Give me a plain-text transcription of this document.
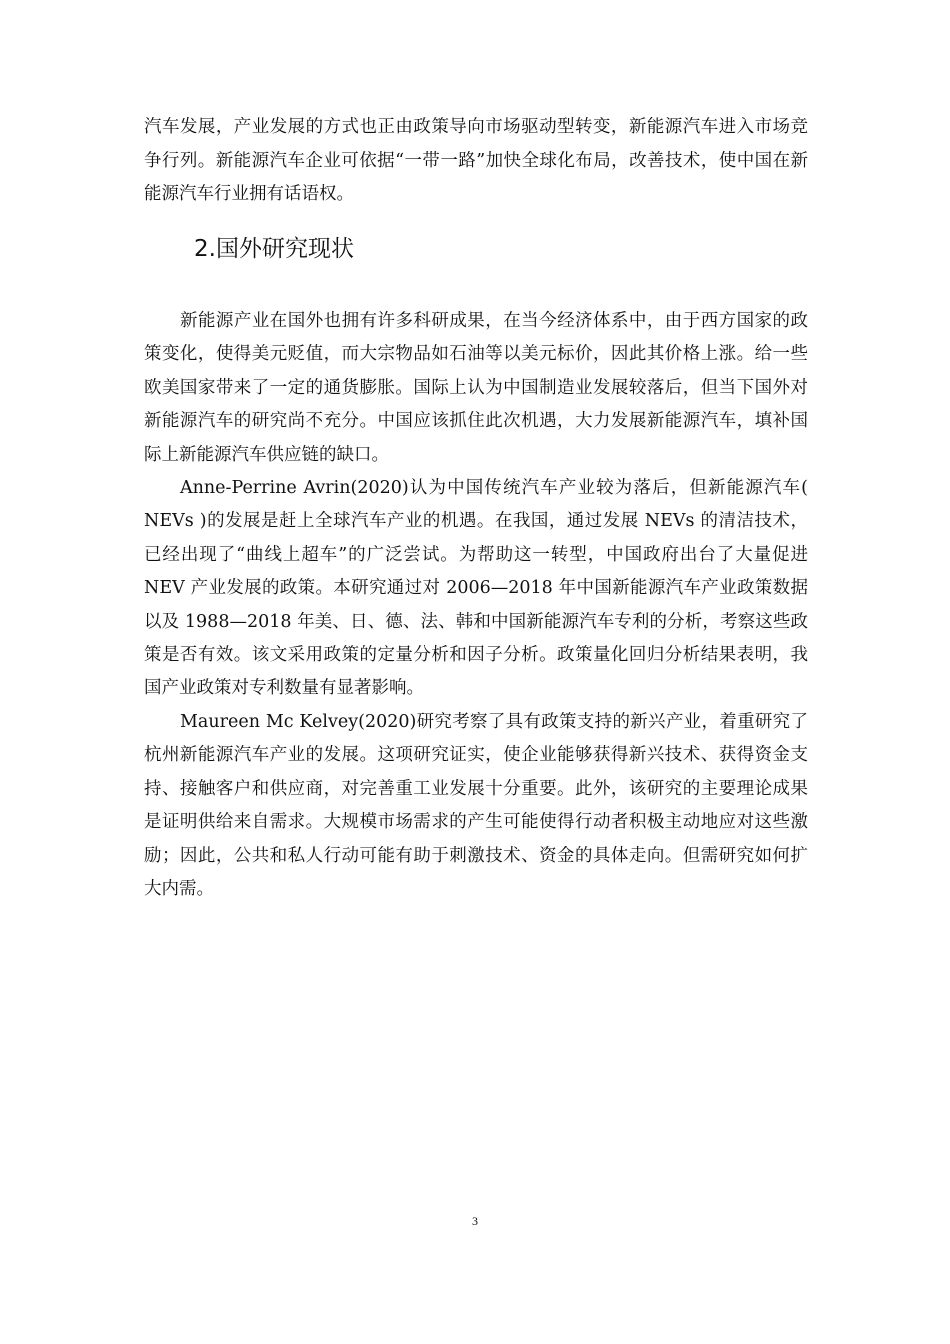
汽车发展，产业发展的方式也正由政策导向市场驱动型转变，新能源汽车进入市场竞争行列。新能源汽车企业可依据“一带一路”加快全球化布局，改善技术，使中国在新能源汽车行业拥有话语权。

2.国外研究现状

新能源产业在国外也拥有许多科研成果，在当今经济体系中，由于西方国家的政策变化，使得美元贬值，而大宗物品如石油等以美元标价，因此其价格上涨。给一些欧美国家带来了一定的通货膨胀。国际上认为中国制造业发展较落后，但当下国外对新能源汽车的研究尚不充分。中国应该抓住此次机遇，大力发展新能源汽车，填补国际上新能源汽车供应链的缺口。

Anne-Perrine Avrin(2020)认为中国传统汽车产业较为落后，但新能源汽车( NEVs )的发展是赶上全球汽车产业的机遇。在我国，通过发展 NEVs 的清洁技术，已经出现了“曲线上超车”的广泛尝试。为帮助这一转型，中国政府出台了大量促进 NEV 产业发展的政策。本研究通过对 2006—2018 年中国新能源汽车产业政策数据以及 1988—2018 年美、日、德、法、韩和中国新能源汽车专利的分析，考察这些政策是否有效。该文采用政策的定量分析和因子分析。政策量化回归分析结果表明，我国产业政策对专利数量有显著影响。

Maureen Mc Kelvey(2020)研究考察了具有政策支持的新兴产业，着重研究了杭州新能源汽车产业的发展。这项研究证实，使企业能够获得新兴技术、获得资金支持、接触客户和供应商，对完善重工业发展十分重要。此外，该研究的主要理论成果是证明供给来自需求。大规模市场需求的产生可能使得行动者积极主动地应对这些激励；因此，公共和私人行动可能有助于刺激技术、资金的具体走向。但需研究如何扩大内需。

3
